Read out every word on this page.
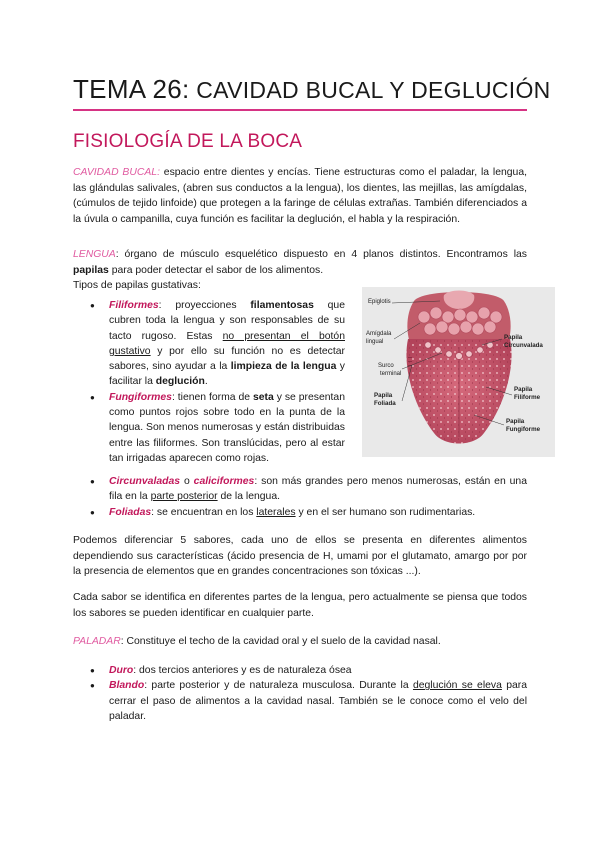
TEMA 26: CAVIDAD BUCAL Y DEGLUCIÓN
FISIOLOGÍA DE LA BOCA

CAVIDAD BUCAL: espacio entre dientes y encías. Tiene estructuras como el paladar, la lengua, las glándulas salivales, (abren sus conductos a la lengua), los dientes, las mejillas, las amígdalas, (cúmulos de tejido linfoide) que protegen a la faringe de células extrañas. También diferenciados a la úvula o campanilla, cuya función es facilitar la deglución, el habla y la respiración.

LENGUA: órgano de músculo esquelético dispuesto en 4 planos distintos. Encontramos las papilas para poder detectar el sabor de los alimentos.

Tipos de papilas gustativas:

● Filiformes: proyecciones filamentosas que cubren toda la lengua y son responsables de su tacto rugoso. Estas no presentan el botón gustativo y por ello su función no es detectar sabores, sino ayudar a la limpieza de la lengua y facilitar la deglución.
● Fungiformes: tienen forma de seta y se presentan como puntos rojos sobre todo en la punta de la lengua. Son menos numerosas y están distribuidas entre las filiformes. Son translúcidas, pero al estar tan irrigadas aparecen como rojas.
● Circunvaladas o caliciformes: son más grandes pero menos numerosas, están en una fila en la parte posterior de la lengua.
● Foliadas: se encuentran en los laterales y en el ser humano son rudimentarias.
Epiglotis
Amígdala
lingual
Surco
terminal
Papila
Circunvalada
Papila
Foliada
Papila
Filiforme
Papila
Fungiforme

Podemos diferenciar 5 sabores, cada uno de ellos se presenta en diferentes alimentos dependiendo sus características (ácido presencia de H, umami por el glutamato, amargo por por la presencia de elementos que en grandes concentraciones son tóxicas ...).

Cada sabor se identifica en diferentes partes de la lengua, pero actualmente se piensa que todos los sabores se pueden identificar en cualquier parte.

PALADAR: Constituye el techo de la cavidad oral y el suelo de la cavidad nasal.

● Duro: dos tercios anteriores y es de naturaleza ósea
● Blando: parte posterior y de naturaleza musculosa. Durante la deglución se eleva para cerrar el paso de alimentos a la cavidad nasal. También se le conoce como el velo del paladar.
